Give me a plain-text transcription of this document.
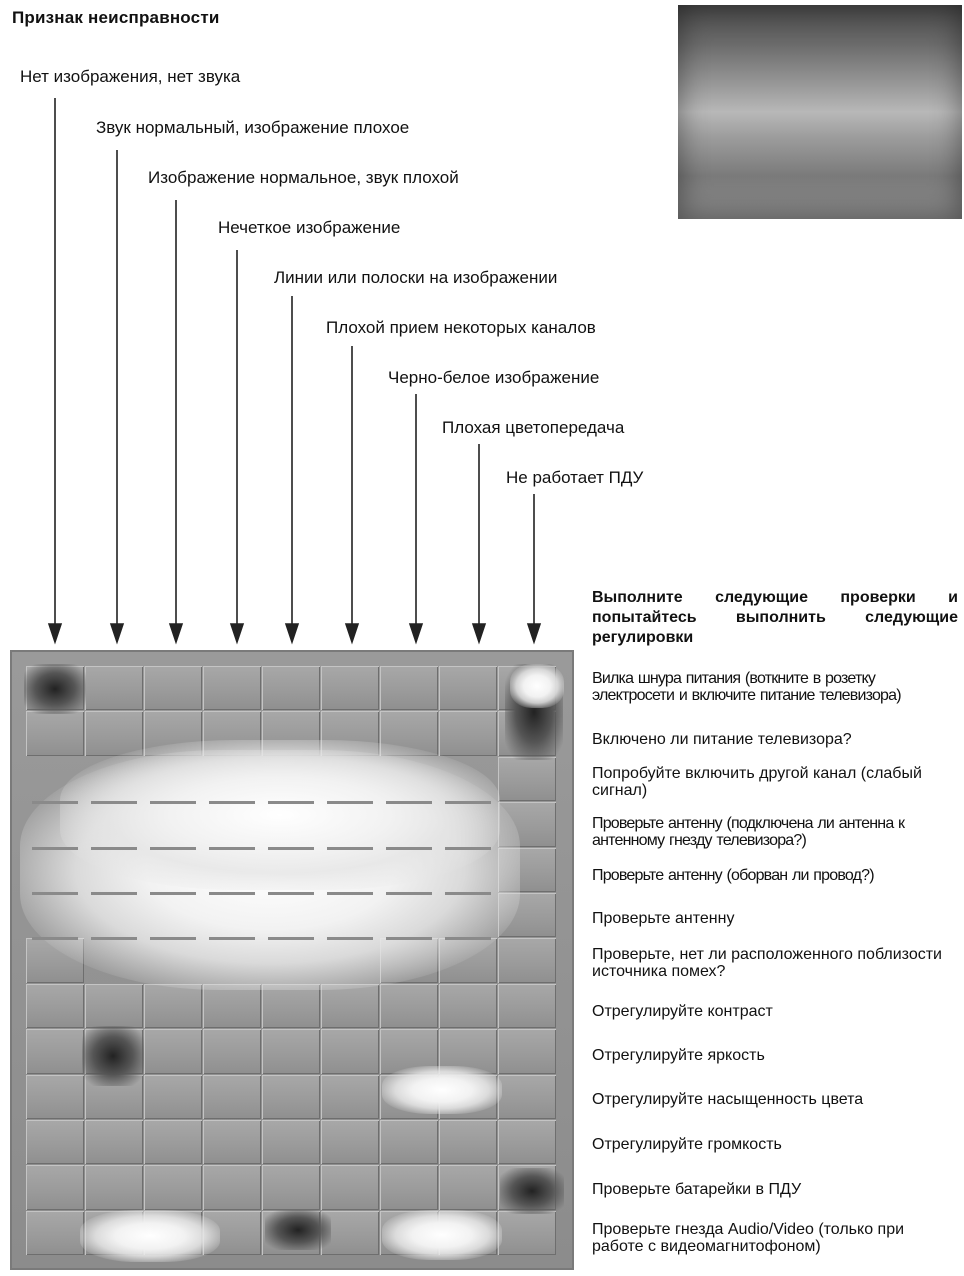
Признак неисправности
Нет изображения, нет звука
Звук нормальный, изображение плохое
Изображение нормальное, звук плохой
Нечеткое изображение
Линии или полоски на изображении
Плохой прием некоторых каналов
Черно-белое изображение
Плохая цветопередача
Не работает ПДУ
Выполните следующие проверки и попытайтесь выполнить следующие регулировки
Вилка шнура питания (воткните в розетку электросети и включите питание телевизора)
Включено ли питание телевизора?
Попробуйте включить другой канал (слабый сигнал)
Проверьте антенну (подключена ли антенна к антенному гнезду телевизора?)
Проверьте антенну (оборван ли провод?)
Проверьте антенну
Проверьте, нет ли расположенного поблизости источника помех?
Отрегулируйте контраст
Отрегулируйте яркость
Отрегулируйте насыщенность цвета
Отрегулируйте громкость
Проверьте батарейки в ПДУ
Проверьте гнезда Audio/Video (только при работе с видеомагнитофоном)
